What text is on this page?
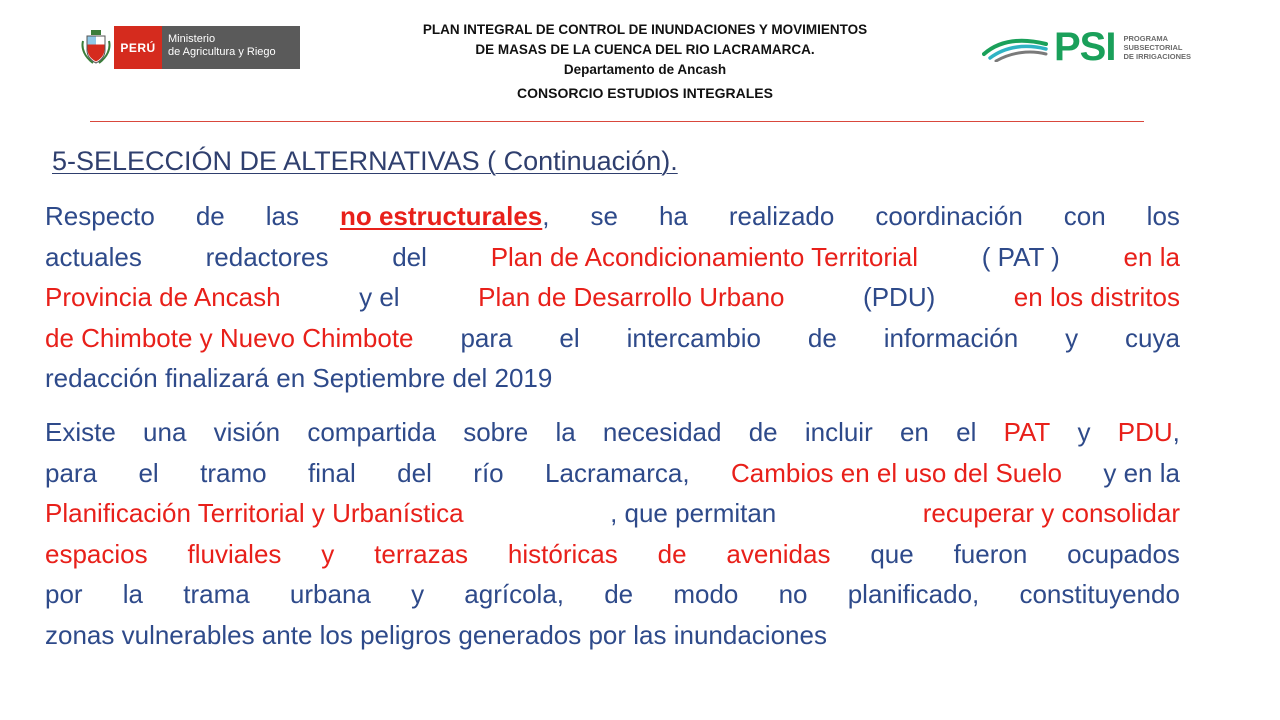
PERÚ
Ministerio
de Agricultura y Riego
PLAN INTEGRAL DE CONTROL DE INUNDACIONES Y MOVIMIENTOS
DE MASAS DE LA CUENCA DEL RIO LACRAMARCA.
Departamento de Ancash
CONSORCIO ESTUDIOS INTEGRALES
PSI PROGRAMA
SUBSECTORIAL
DE IRRIGACIONES
5-SELECCIÓN DE ALTERNATIVAS ( Continuación).
Respecto de las no estructurales, se ha realizado coordinación con los
actuales redactores del Plan de Acondicionamiento Territorial ( PAT ) en la
Provincia de Ancash	y el	Plan de Desarrollo Urbano	(PDU)	en los distritos
de Chimbote y Nuevo Chimbote para el intercambio de información y cuya
redacción finalizará en Septiembre del 2019
Existe una visión compartida sobre la necesidad de incluir en el PAT y PDU,
para el tramo final del río Lacramarca, Cambios en el uso del Suelo y en la
Planificación Territorial y Urbanística	, que permitan	recuperar y consolidar
espacios fluviales y terrazas históricas de avenidas que fueron ocupados
por la trama urbana y agrícola, de modo no planificado, constituyendo
zonas vulnerables ante los peligros generados por las inundaciones
